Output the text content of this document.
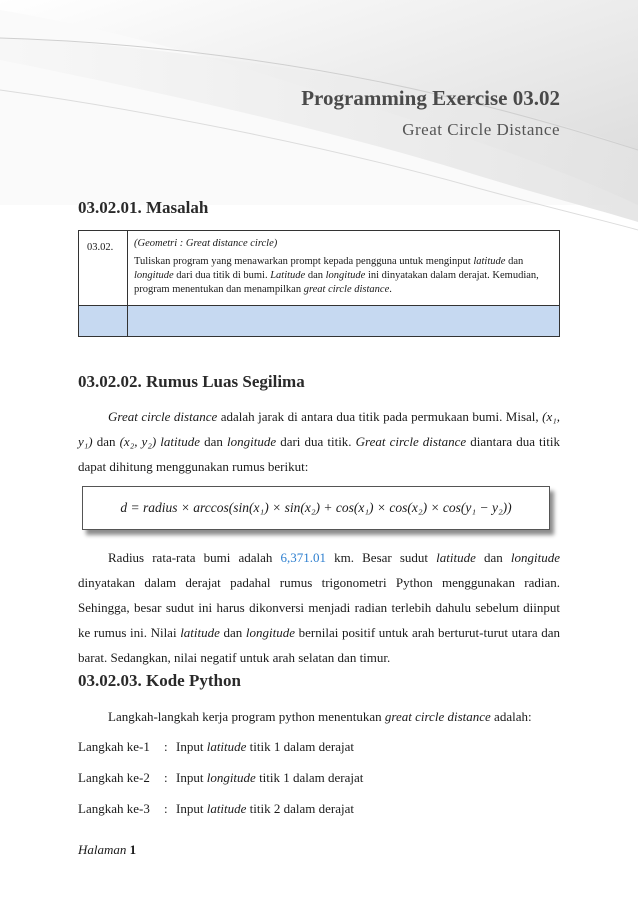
Programming Exercise 03.02
Great Circle Distance
03.02.01. Masalah
03.02.	(Geometri : Great distance circle)

Tuliskan program yang menawarkan prompt kepada pengguna untuk menginput latitude dan longitude dari dua titik di bumi. Latitude dan longitude ini dinyatakan dalam derajat. Kemudian, program menentukan dan menampilkan great circle distance.

03.02.02. Rumus Luas Segilima

Great circle distance adalah jarak di antara dua titik pada permukaan bumi. Misal, (x₁, y₁) dan (x₂, y₂) latitude dan longitude dari dua titik. Great circle distance diantara dua titik dapat dihitung menggunakan rumus berikut:

d = radius × arccos(sin(x₁) × sin(x₂) + cos(x₁) × cos(x₂) × cos(y₁ − y₂))

Radius rata-rata bumi adalah 6,371.01 km. Besar sudut latitude dan longitude dinyatakan dalam derajat padahal rumus trigonometri Python menggunakan radian. Sehingga, besar sudut ini harus dikonversi menjadi radian terlebih dahulu sebelum diinput ke rumus ini. Nilai latitude dan longitude bernilai positif untuk arah berturut-turut utara dan barat. Sedangkan, nilai negatif untuk arah selatan dan timur.

03.02.03. Kode Python

Langkah-langkah kerja program python menentukan great circle distance adalah:

Langkah ke-1 : Input latitude titik 1 dalam derajat
Langkah ke-2 : Input longitude titik 1 dalam derajat
Langkah ke-3 : Input latitude titik 2 dalam derajat

Halaman 1
